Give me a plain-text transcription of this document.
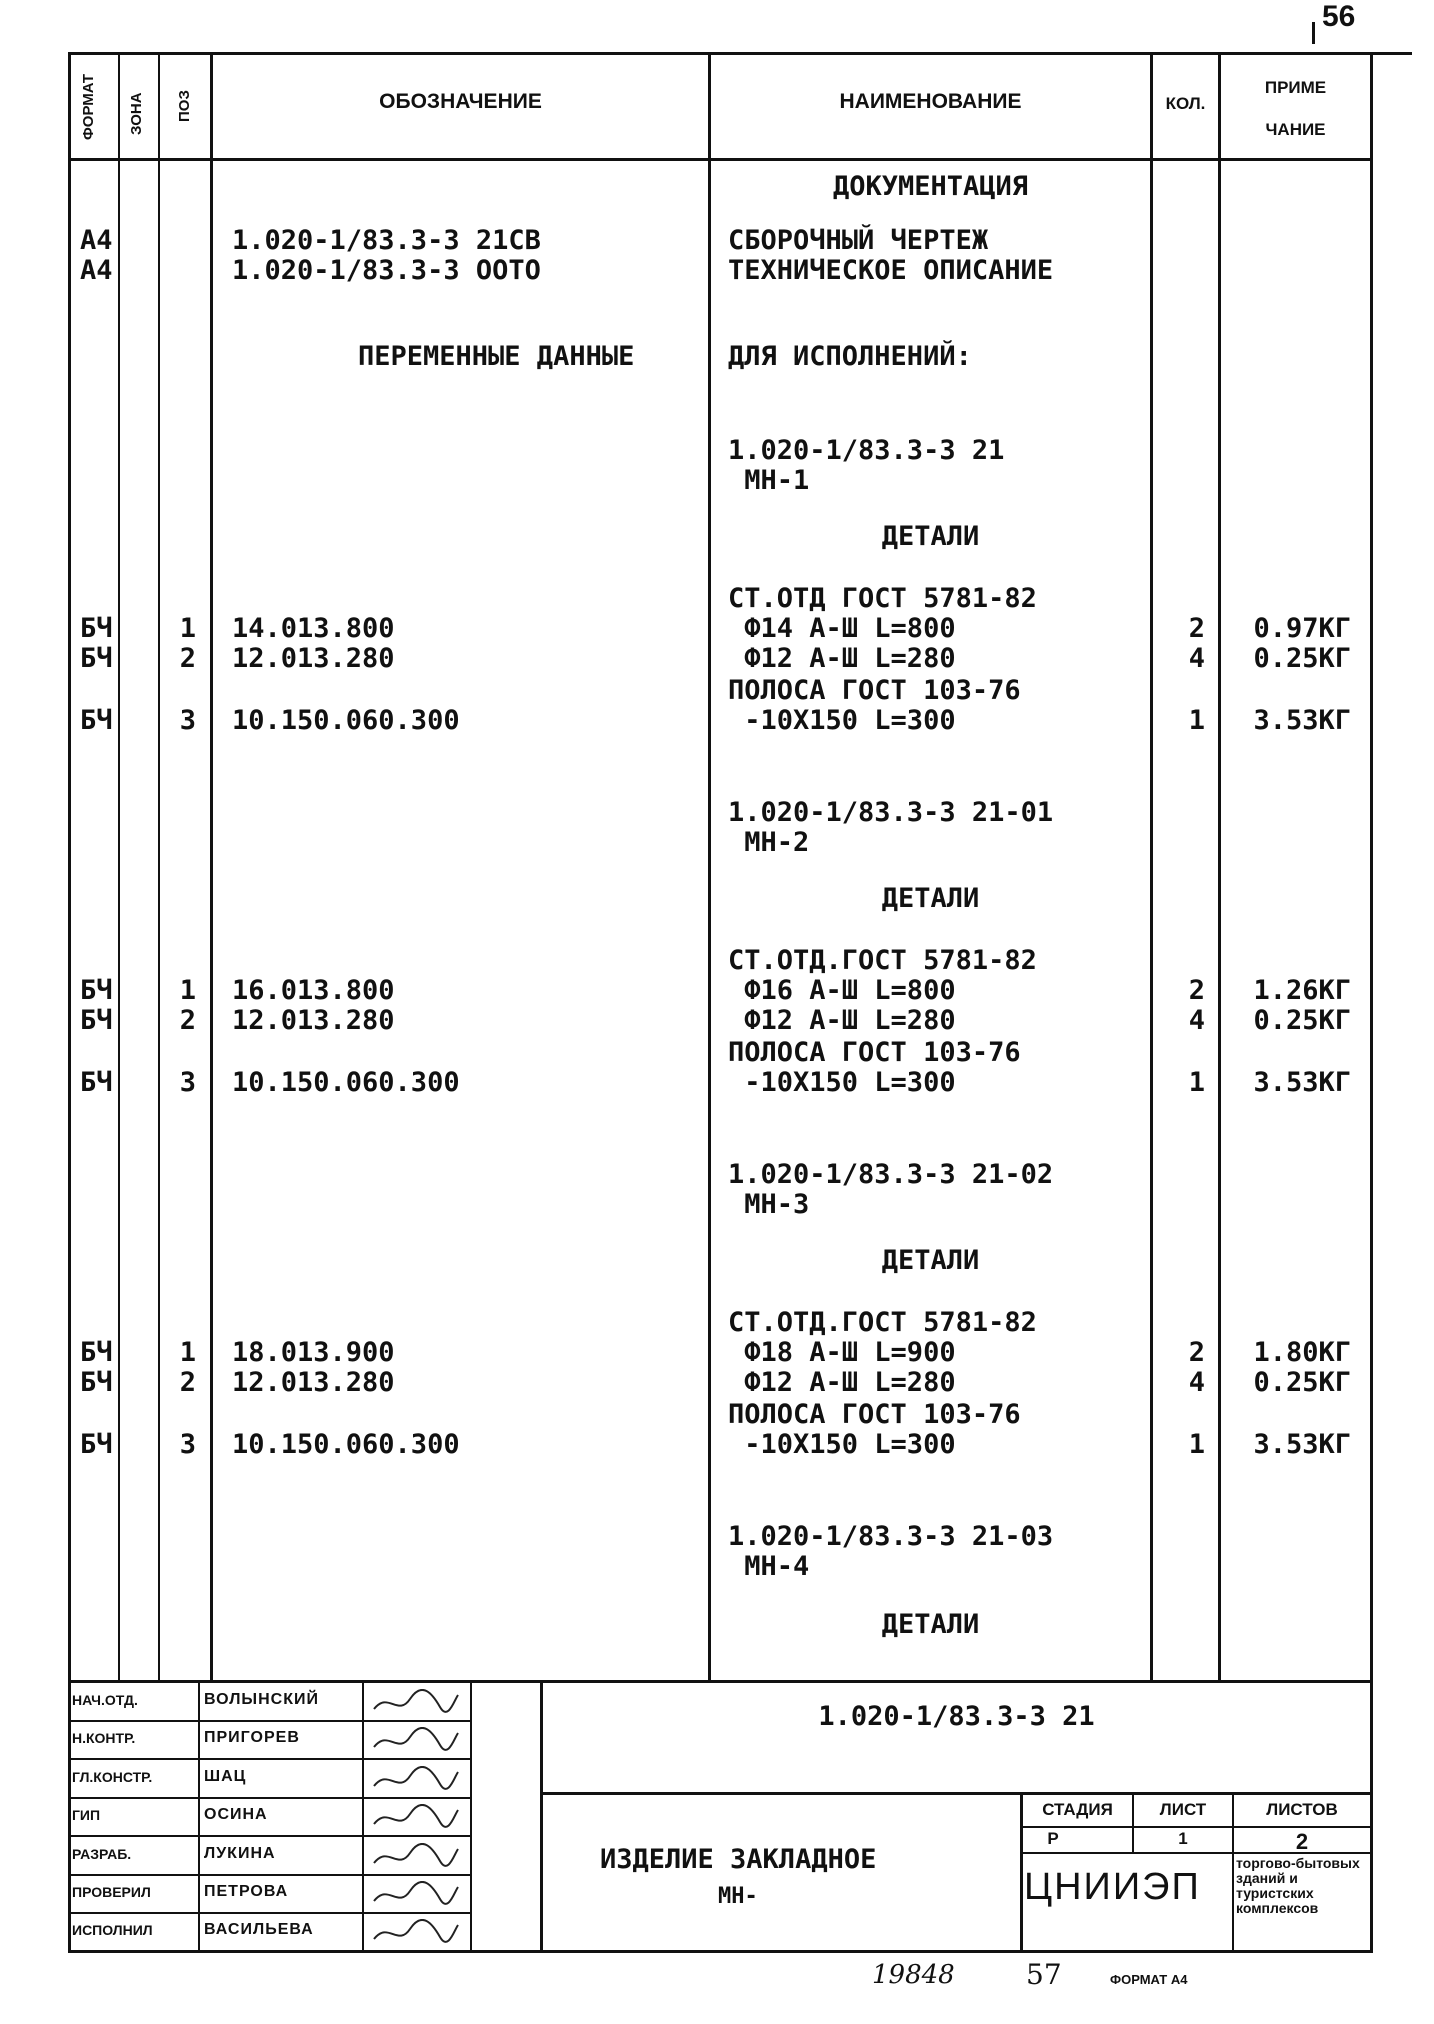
56
ФОРМАТ ЗОНА ПОЗ	ОБОЗНАЧЕНИЕ	НАИМЕНОВАНИЕ	КОЛ.
ПРИМЕ
ЧАНИЕ
ДОКУМЕНТАЦИЯ
А4	1.020-1/83.3-3 21СВ	СБОРОЧНЫЙ ЧЕРТЕЖ
А4	1.020-1/83.3-3 ООТО	ТЕХНИЧЕСКОЕ ОПИСАНИЕ
ПЕРЕМЕННЫЕ ДАННЫЕ	ДЛЯ ИСПОЛНЕНИЙ:
1.020-1/83.3-3 21
МН-1
ДЕТАЛИ
СТ.ОТД ГОСТ 5781-82
БЧ	1 14.013.800	Ф14 А-Ш L=800	2	0.97КГ
БЧ	2 12.013.280	Ф12 А-Ш L=280	4	0.25КГ
ПОЛОСА ГОСТ 103-76
БЧ	3 10.150.060.300	-10Х150 L=300	1	3.53КГ
1.020-1/83.3-3 21-01
МН-2
ДЕТАЛИ
СТ.ОТД.ГОСТ 5781-82
БЧ	1 16.013.800	Ф16 А-Ш L=800	2	1.26КГ
БЧ	2 12.013.280	Ф12 А-Ш L=280	4	0.25КГ
ПОЛОСА ГОСТ 103-76
БЧ	3 10.150.060.300	-10Х150 L=300	1	3.53КГ
1.020-1/83.3-3 21-02
МН-3
ДЕТАЛИ
СТ.ОТД.ГОСТ 5781-82
БЧ	1 18.013.900	Ф18 А-Ш L=900	2	1.80КГ
БЧ	2 12.013.280	Ф12 А-Ш L=280	4	0.25КГ
ПОЛОСА ГОСТ 103-76
БЧ	3 10.150.060.300	-10Х150 L=300	1	3.53КГ
1.020-1/83.3-3 21-03
МН-4
ДЕТАЛИ
НАЧ.ОТД.	ВОЛЫНСКИЙ
Н.КОНТР.	ПРИГОРЕВ
ГЛ.КОНСТР.	ШАЦ
ГИП	ОСИНА
РАЗРАБ.	ЛУКИНА
ПРОВЕРИЛ	ПЕТРОВА
ИСПОЛНИЛ	ВАСИЛЬЕВА
1.020-1/83.3-3 21
ИЗДЕЛИЕ ЗАКЛАДНОЕ
МН-
СТАДИЯ	ЛИСТ	ЛИСТОВ
Р	1	2
ЦНИИЭП
торгово-бытовых зданий и туристских комплексов
19848	57	ФОРМАТ А4
